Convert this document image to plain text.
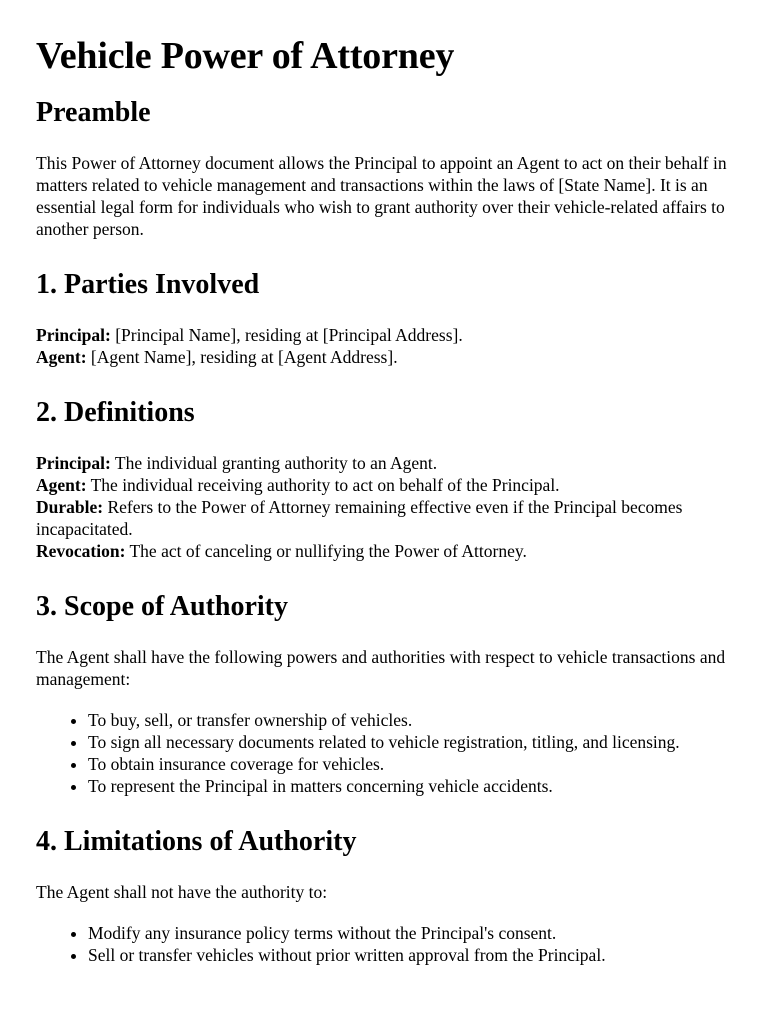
Vehicle Power of Attorney
Preamble

This Power of Attorney document allows the Principal to appoint an Agent to act on their behalf in matters related to vehicle management and transactions within the laws of [State Name]. It is an essential legal form for individuals who wish to grant authority over their vehicle-related affairs to another person.

1. Parties Involved
Principal: [Principal Name], residing at [Principal Address].
Agent: [Agent Name], residing at [Agent Address].
2. Definitions
Principal: The individual granting authority to an Agent.
Agent: The individual receiving authority to act on behalf of the Principal.
Durable: Refers to the Power of Attorney remaining effective even if the Principal becomes incapacitated.
Revocation: The act of canceling or nullifying the Power of Attorney.
3. Scope of Authority

The Agent shall have the following powers and authorities with respect to vehicle transactions and management:

• To buy, sell, or transfer ownership of vehicles.
• To sign all necessary documents related to vehicle registration, titling, and licensing.
• To obtain insurance coverage for vehicles.
• To represent the Principal in matters concerning vehicle accidents.
4. Limitations of Authority

The Agent shall not have the authority to:

• Modify any insurance policy terms without the Principal's consent.
• Sell or transfer vehicles without prior written approval from the Principal.
